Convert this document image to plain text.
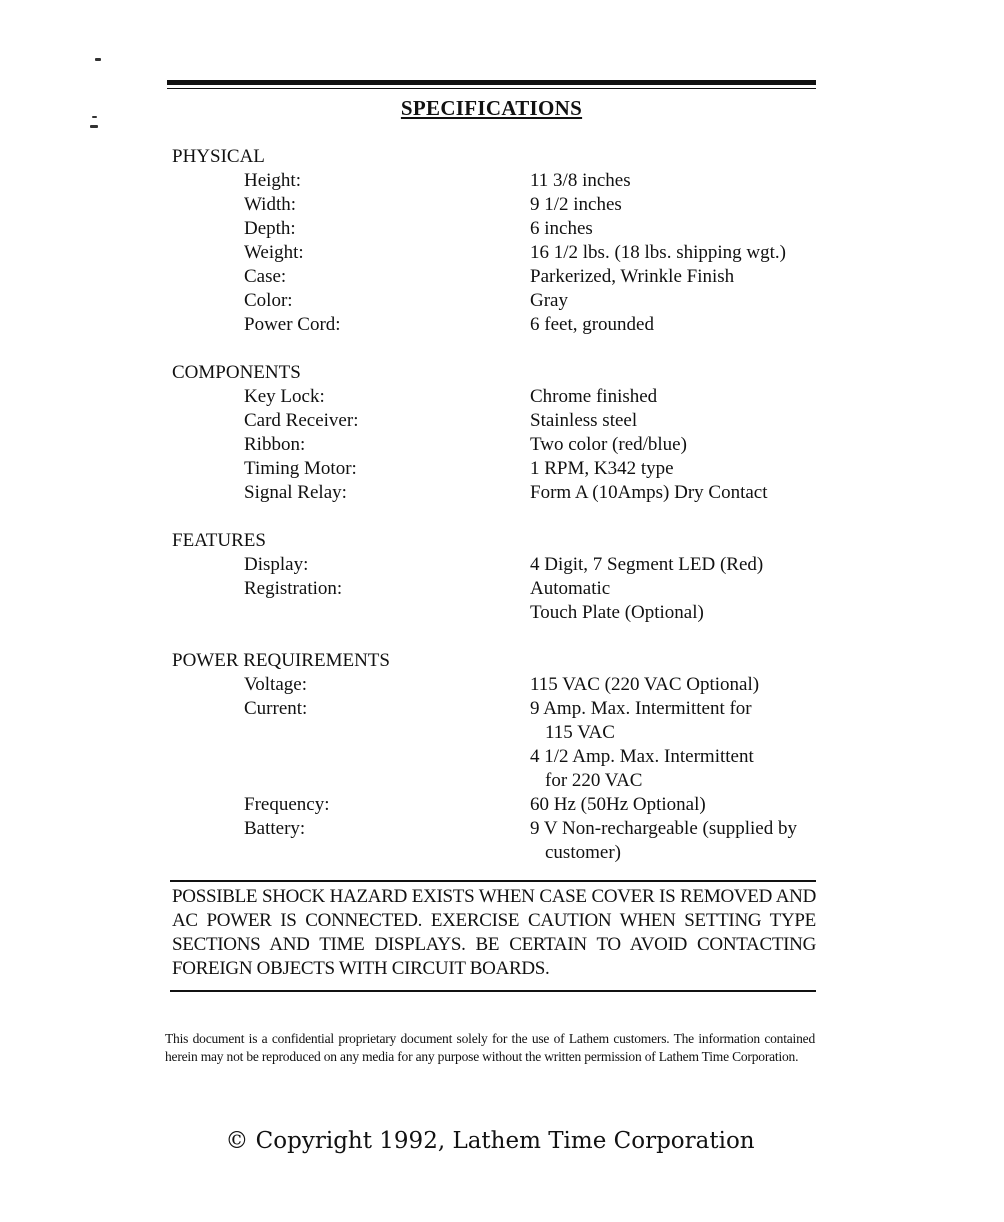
SPECIFICATIONS
PHYSICAL
Height:	11 3/8 inches
Width:	9 1/2 inches
Depth:	6 inches
Weight:	16 1/2 lbs. (18 lbs. shipping wgt.)
Case:	Parkerized, Wrinkle Finish
Color:	Gray
Power Cord:	6 feet, grounded
COMPONENTS
Key Lock:	Chrome finished
Card Receiver:	Stainless steel
Ribbon:	Two color (red/blue)
Timing Motor:	1 RPM, K342 type
Signal Relay:	Form A (10Amps) Dry Contact
FEATURES
Display:	4 Digit, 7 Segment LED (Red)
Registration:	Automatic
Touch Plate (Optional)
POWER REQUIREMENTS
Voltage:	115 VAC (220 VAC Optional)
Current:	9 Amp. Max. Intermittent for
115 VAC
4 1/2 Amp. Max. Intermittent
for 220 VAC
Frequency:	60 Hz (50Hz Optional)
Battery:	9 V Non-rechargeable (supplied by
customer)
POSSIBLE SHOCK HAZARD EXISTS WHEN CASE COVER IS REMOVED AND AC POWER IS CONNECTED. EXERCISE CAUTION WHEN SETTING TYPE SECTIONS AND TIME DISPLAYS. BE CERTAIN TO AVOID CONTACTING FOREIGN OBJECTS WITH CIRCUIT BOARDS.
This document is a confidential proprietary document solely for the use of Lathem customers. The information contained herein may not be reproduced on any media for any purpose without the written permission of Lathem Time Corporation.
© Copyright 1992, Lathem Time Corporation
